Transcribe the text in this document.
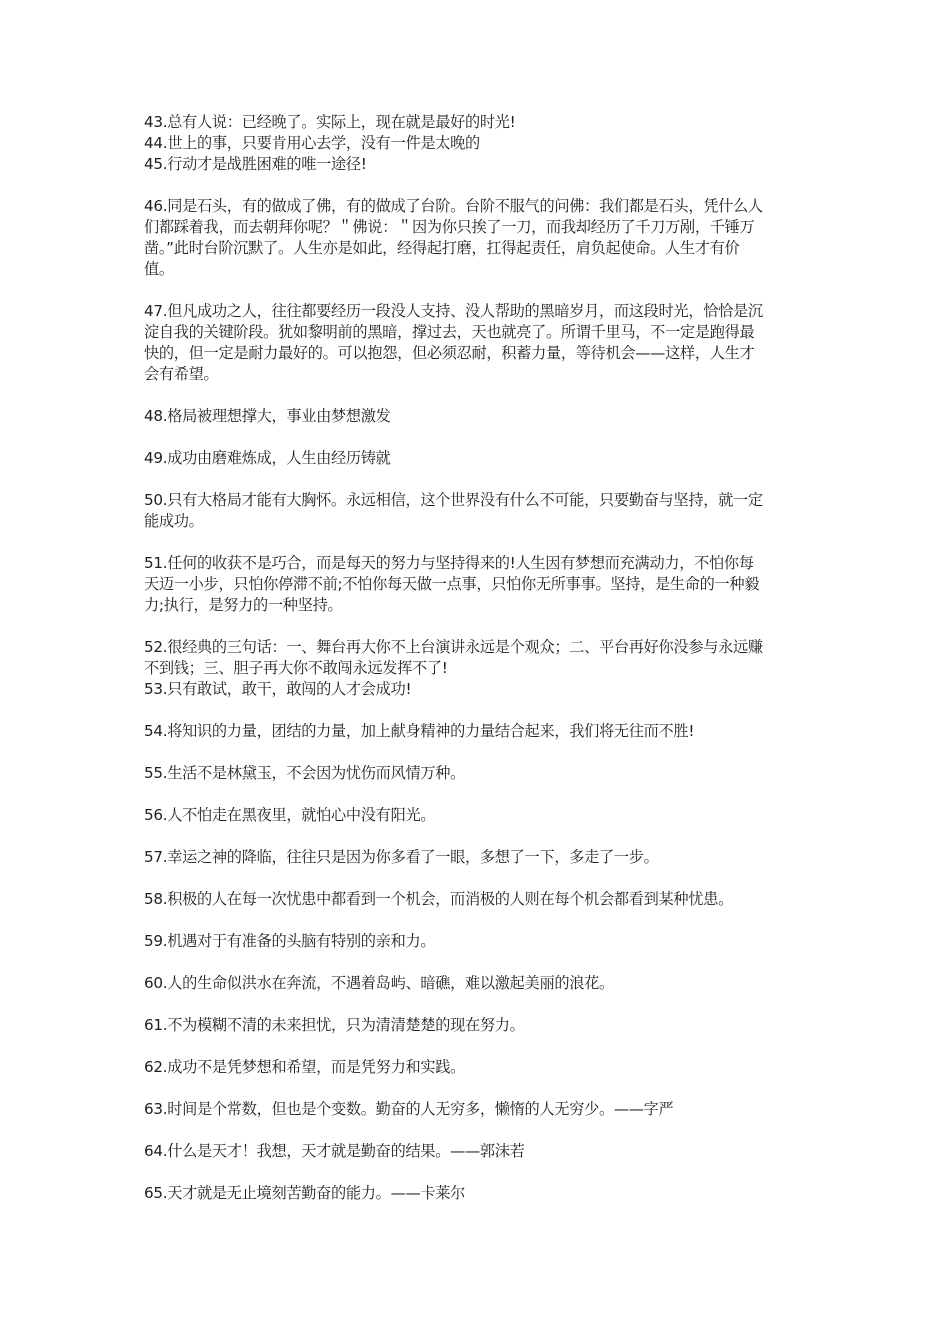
43.总有人说：已经晚了。实际上，现在就是最好的时光!
44.世上的事，只要肯用心去学，没有一件是太晚的
45.行动才是战胜困难的唯一途径!

46.同是石头，有的做成了佛，有的做成了台阶。台阶不服气的问佛：我们都是石头，凭什么人
们都踩着我，而去朝拜你呢？＂佛说：＂因为你只挨了一刀，而我却经历了千刀万剐，千锤万
凿。”此时台阶沉默了。人生亦是如此，经得起打磨，扛得起责任，肩负起使命。人生才有价
值。

47.但凡成功之人，往往都要经历一段没人支持、没人帮助的黑暗岁月，而这段时光，恰恰是沉
淀自我的关键阶段。犹如黎明前的黑暗，撑过去，天也就亮了。所谓千里马，不一定是跑得最
快的，但一定是耐力最好的。可以抱怨，但必须忍耐，积蓄力量，等待机会——这样，人生才
会有希望。

48.格局被理想撑大，事业由梦想激发

49.成功由磨难炼成，人生由经历铸就

50.只有大格局才能有大胸怀。永远相信，这个世界没有什么不可能，只要勤奋与坚持，就一定
能成功。

51.任何的收获不是巧合，而是每天的努力与坚持得来的!人生因有梦想而充满动力，不怕你每
天迈一小步，只怕你停滞不前;不怕你每天做一点事，只怕你无所事事。坚持，是生命的一种毅
力;执行，是努力的一种坚持。

52.很经典的三句话：一、舞台再大你不上台演讲永远是个观众；二、平台再好你没参与永远赚
不到钱；三、胆子再大你不敢闯永远发挥不了!
53.只有敢试，敢干，敢闯的人才会成功!

54.将知识的力量，团结的力量，加上献身精神的力量结合起来，我们将无往而不胜!

55.生活不是林黛玉，不会因为忧伤而风情万种。

56.人不怕走在黑夜里，就怕心中没有阳光。

57.幸运之神的降临，往往只是因为你多看了一眼，多想了一下，多走了一步。

58.积极的人在每一次忧患中都看到一个机会，而消极的人则在每个机会都看到某种忧患。

59.机遇对于有准备的头脑有特别的亲和力。

60.人的生命似洪水在奔流，不遇着岛屿、暗礁，难以激起美丽的浪花。

61.不为模糊不清的未来担忧，只为清清楚楚的现在努力。

62.成功不是凭梦想和希望，而是凭努力和实践。

63.时间是个常数，但也是个变数。勤奋的人无穷多，懒惰的人无穷少。——字严

64.什么是天才！我想，天才就是勤奋的结果。——郭沫若

65.天才就是无止境刻苦勤奋的能力。——卡莱尔
